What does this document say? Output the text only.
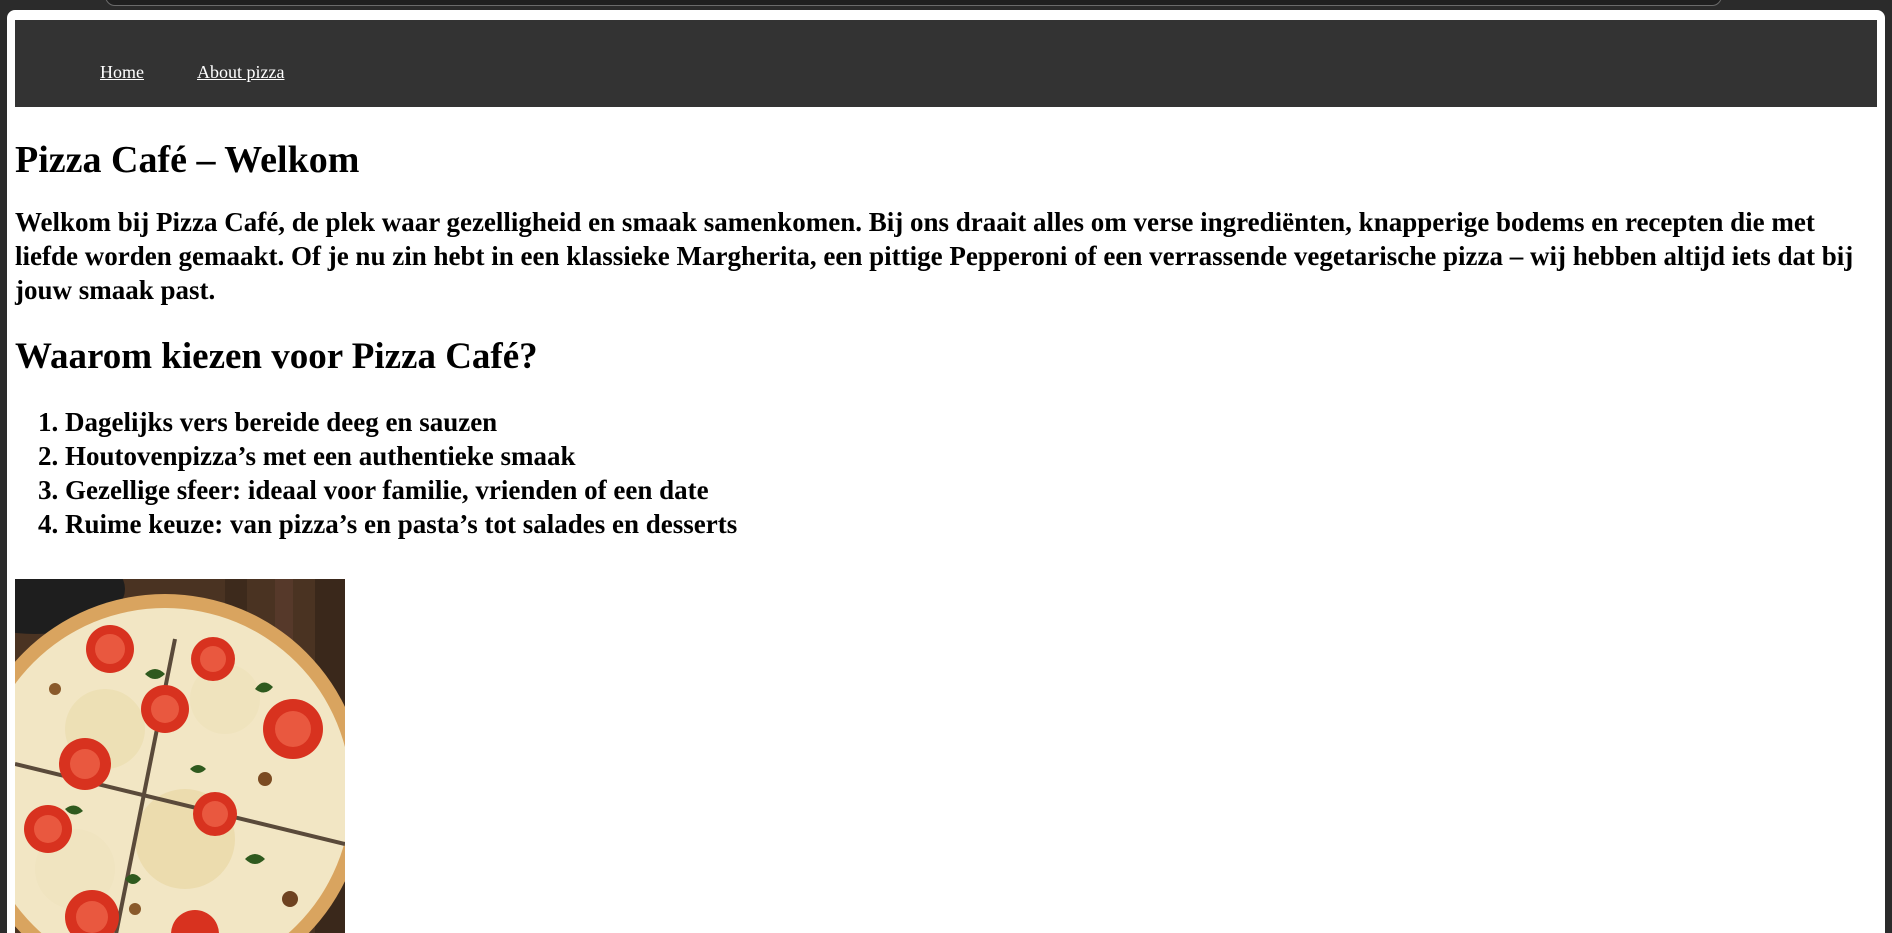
Home	About pizza
Pizza Café – Welkom

Welkom bij Pizza Café, de plek waar gezelligheid en smaak samenkomen. Bij ons draait alles om verse ingrediënten, knapperige bodems en recepten die met liefde worden gemaakt. Of je nu zin hebt in een klassieke Margherita, een pittige Pepperoni of een verrassende vegetarische pizza – wij hebben altijd iets dat bij jouw smaak past.

Waarom kiezen voor Pizza Café?
1. Dagelijks vers bereide deeg en sauzen
2. Houtovenpizza’s met een authentieke smaak
3. Gezellige sfeer: ideaal voor familie, vrienden of een date
4. Ruime keuze: van pizza’s en pasta’s tot salades en desserts
